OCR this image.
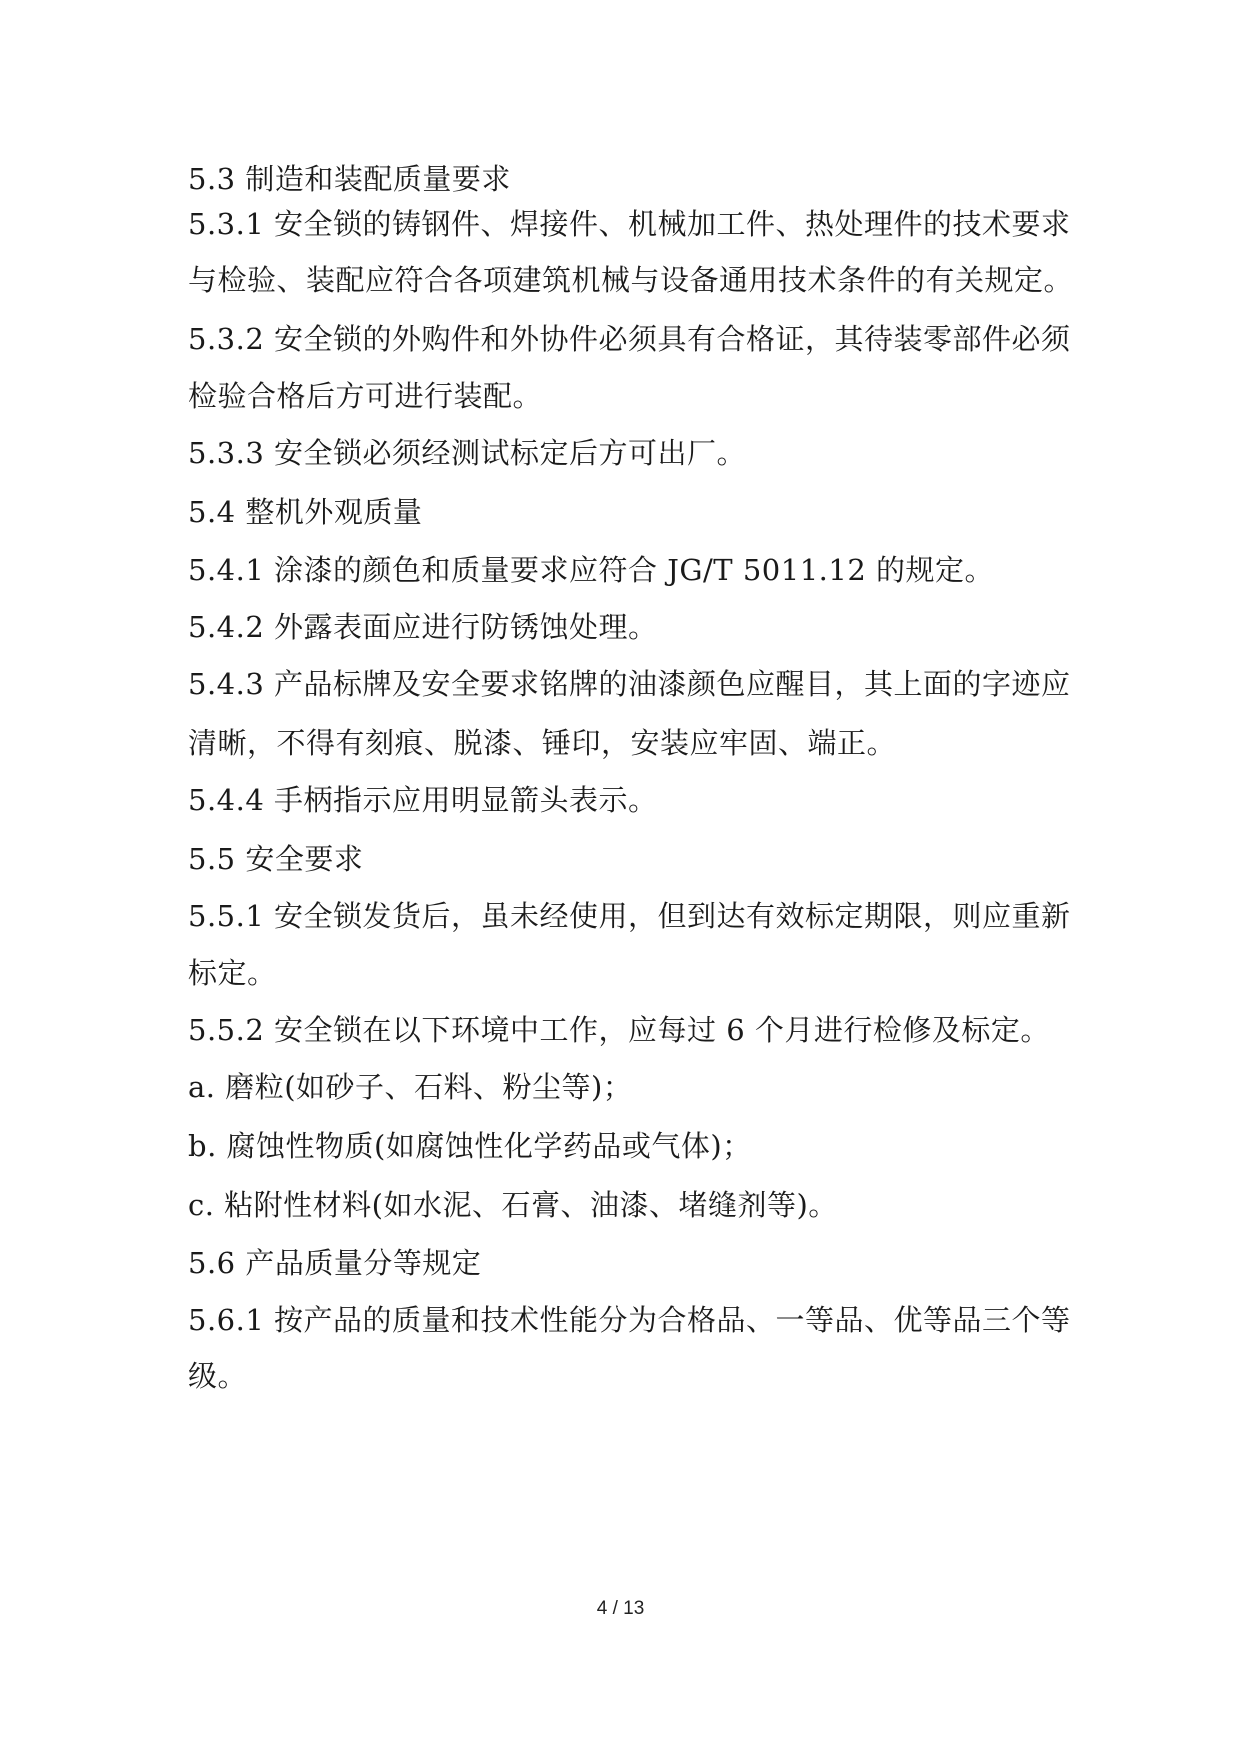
5.3 制造和装配质量要求
5.3.1 安全锁的铸钢件、焊接件、机械加工件、热处理件的技术要求
与检验、装配应符合各项建筑机械与设备通用技术条件的有关规定。
5.3.2 安全锁的外购件和外协件必须具有合格证，其待装零部件必须
检验合格后方可进行装配。
5.3.3 安全锁必须经测试标定后方可出厂。
5.4 整机外观质量
5.4.1 涂漆的颜色和质量要求应符合 JG/T 5011.12 的规定。
5.4.2 外露表面应进行防锈蚀处理。
5.4.3 产品标牌及安全要求铭牌的油漆颜色应醒目，其上面的字迹应
清晰，不得有刻痕、脱漆、锤印，安装应牢固、端正。
5.4.4 手柄指示应用明显箭头表示。
5.5 安全要求
5.5.1 安全锁发货后，虽未经使用，但到达有效标定期限，则应重新
标定。
5.5.2 安全锁在以下环境中工作，应每过 6 个月进行检修及标定。
a. 磨粒(如砂子、石料、粉尘等)；
b. 腐蚀性物质(如腐蚀性化学药品或气体)；
c. 粘附性材料(如水泥、石膏、油漆、堵缝剂等)。
5.6 产品质量分等规定
5.6.1 按产品的质量和技术性能分为合格品、一等品、优等品三个等
级。
4 / 13
